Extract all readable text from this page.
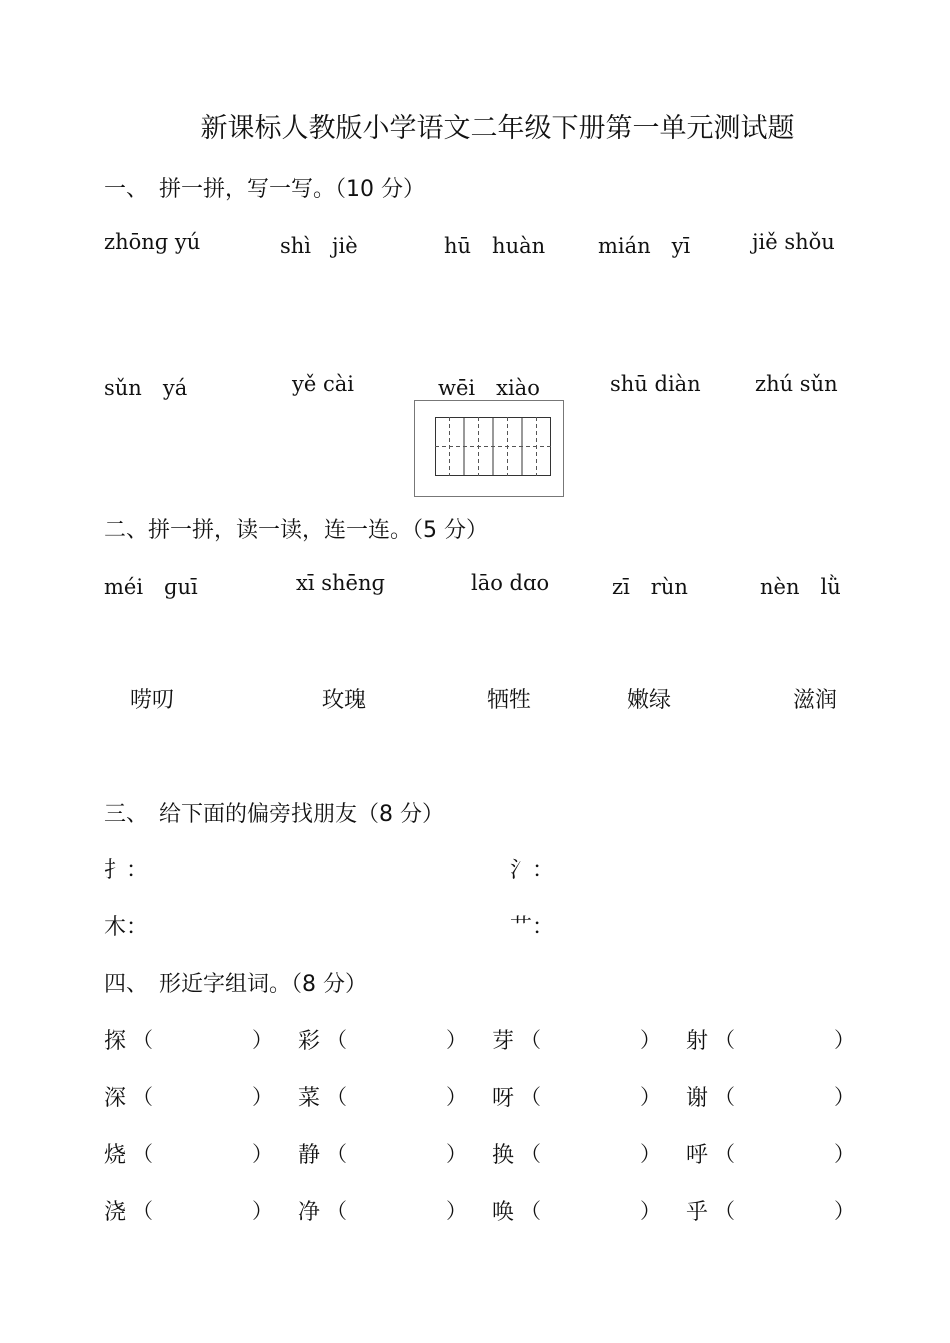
新课标人教版小学语文二年级下册第一单元测试题
一、　拼一拼，写一写。（10 分）
zhōnɡ yú	shì　jiè	hū　huàn	mián　yī	jiě shǒu
sǔn　yá	yě cài	wēi　xiào	shū diàn	zhú sǔn
二、拼一拼，读一读，连一连。（5 分）
méi　ɡuī	xī shēnɡ	lāo dɑo	zī　rùn	nèn　lǜ
唠叨	玫瑰	牺牲	嫩绿	滋润
三、　给下面的偏旁找朋友（8 分）
扌：	氵：
木：	艹：
四、　形近字组词。（8 分）
探 （	） 彩 （	） 芽 （	） 射 （	）
深 （	） 菜 （	） 呀 （	） 谢 （	）
烧 （	） 静 （	） 换 （	） 呼 （	）
浇 （	） 净 （	） 唤 （	） 乎 （	）
